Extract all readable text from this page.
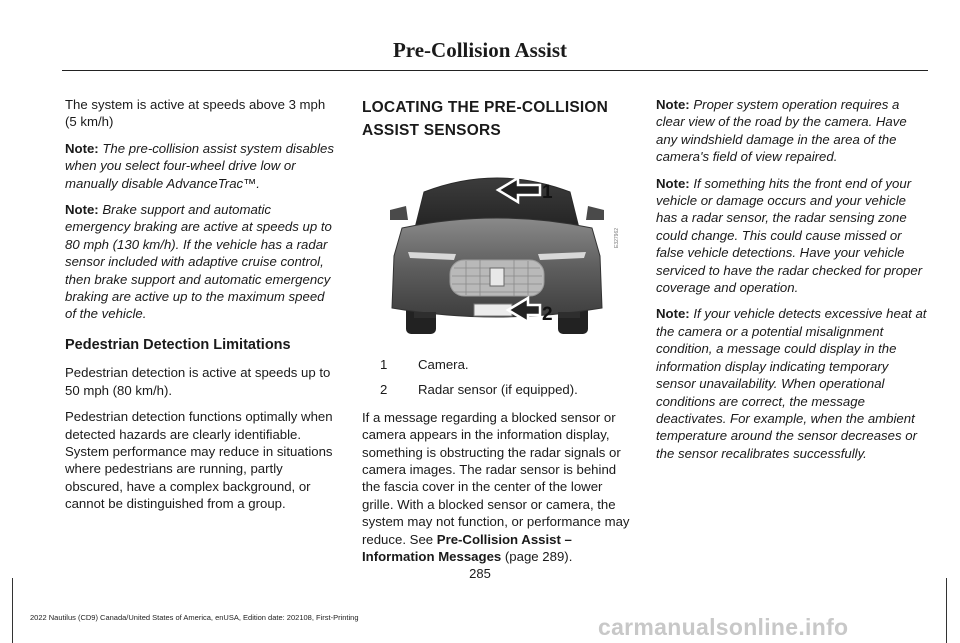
Pre-Collision Assist

The system is active at speeds above 3 mph (5 km/h)

Note: The pre-collision assist system disables when you select four-wheel drive low or manually disable AdvanceTrac™.

Note: Brake support and automatic emergency braking are active at speeds up to 80 mph (130 km/h). If the vehicle has a radar sensor included with adaptive cruise control, then brake support and automatic emergency braking are active up to the maximum speed of the vehicle.

Pedestrian Detection Limitations

Pedestrian detection is active at speeds up to 50 mph (80 km/h).

Pedestrian detection functions optimally when detected hazards are clearly identifiable. System performance may reduce in situations where pedestrians are running, partly obscured, have a complex background, or cannot be distinguished from a group.

LOCATING THE PRE-COLLISION
ASSIST SENSORS

1
2
E327962
1	Camera.
2	Radar sensor (if equipped).

If a message regarding a blocked sensor or camera appears in the information display, something is obstructing the radar signals or camera images. The radar sensor is behind the fascia cover in the center of the lower grille. With a blocked sensor or camera, the system may not function, or performance may reduce. See Pre-Collision Assist – Information Messages (page 289).

Note: Proper system operation requires a clear view of the road by the camera. Have any windshield damage in the area of the camera's field of view repaired.

Note: If something hits the front end of your vehicle or damage occurs and your vehicle has a radar sensor, the radar sensing zone could change. This could cause missed or false vehicle detections. Have your vehicle serviced to have the radar checked for proper coverage and operation.

Note: If your vehicle detects excessive heat at the camera or a potential misalignment condition, a message could display in the information display indicating temporary sensor unavailability. When operational conditions are correct, the message deactivates. For example, when the ambient temperature around the sensor decreases or the sensor recalibrates successfully.

285
2022 Nautilus (CD9) Canada/United States of America, enUSA, Edition date: 202108, First-Printing	carmanualsonline.info
